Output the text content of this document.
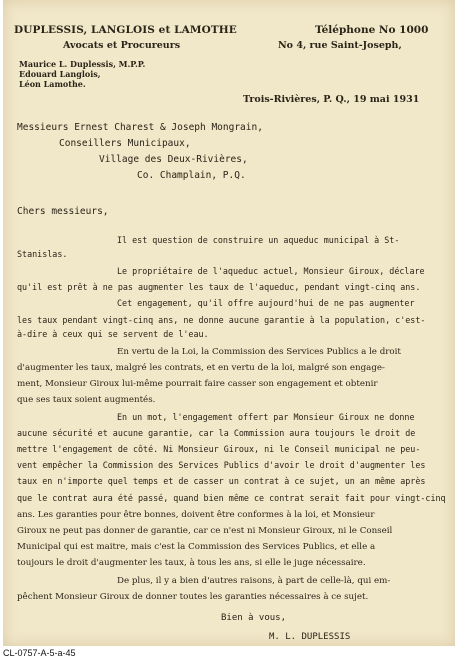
DUPLESSIS, LANGLOIS et LAMOTHE
Avocats et Procureurs
Téléphone No 1000
No 4, rue Saint-Joseph,
Maurice L. Duplessis, M.P.P.
Edouard Langlois,
Léon Lamothe.
Trois-Rivières, P. Q., 19 mai 1931
Messieurs Ernest Charest & Joseph Mongrain,
Conseillers Municipaux,
Village des Deux-Rivières,
Co. Champlain, P.Q.
Chers messieurs,
Il est question de construire un aqueduc municipal à St-
Stanislas.
Le propriétaire de l'aqueduc actuel, Monsieur Giroux, déclare
qu'il est prêt à ne pas augmenter les taux de l'aqueduc, pendant vingt-cinq ans.
Cet engagement, qu'il offre aujourd'hui de ne pas augmenter
les taux pendant vingt-cinq ans, ne donne aucune garantie à la population, c'est-
à-dire à ceux qui se servent de l'eau.
En vertu de la Loi, la Commission des Services Publics a le droit
d'augmenter les taux, malgré les contrats, et en vertu de la loi, malgré son engage-
ment, Monsieur Giroux lui-même pourrait faire casser son engagement et obtenir
que ses taux soient augmentés.
En un mot, l'engagement offert par Monsieur Giroux ne donne
aucune sécurité et aucune garantie, car la Commission aura toujours le droit de
mettre l'engagement de côté. Ni Monsieur Giroux, ni le Conseil municipal ne peu-
vent empêcher la Commission des Services Publics d'avoir le droit d'augmenter les
taux en n'importe quel temps et de casser un contrat à ce sujet, un an même après
que le contrat aura été passé, quand bien même ce contrat serait fait pour vingt-cinq
ans. Les garanties pour être bonnes, doivent être conformes à la loi, et Monsieur
Giroux ne peut pas donner de garantie, car ce n'est ni Monsieur Giroux, ni le Conseil
Municipal qui est maitre, mais c'est la Commission des Services Publics, et elle a
toujours le droit d'augmenter les taux, à tous les ans, si elle le juge nécessaire.
De plus, il y a bien d'autres raisons, à part de celle-là, qui em-
pêchent Monsieur Giroux de donner toutes les garanties nécessaires à ce sujet.
Bien à vous,
M. L. DUPLESSIS
CL-0757-A-5-a-45
